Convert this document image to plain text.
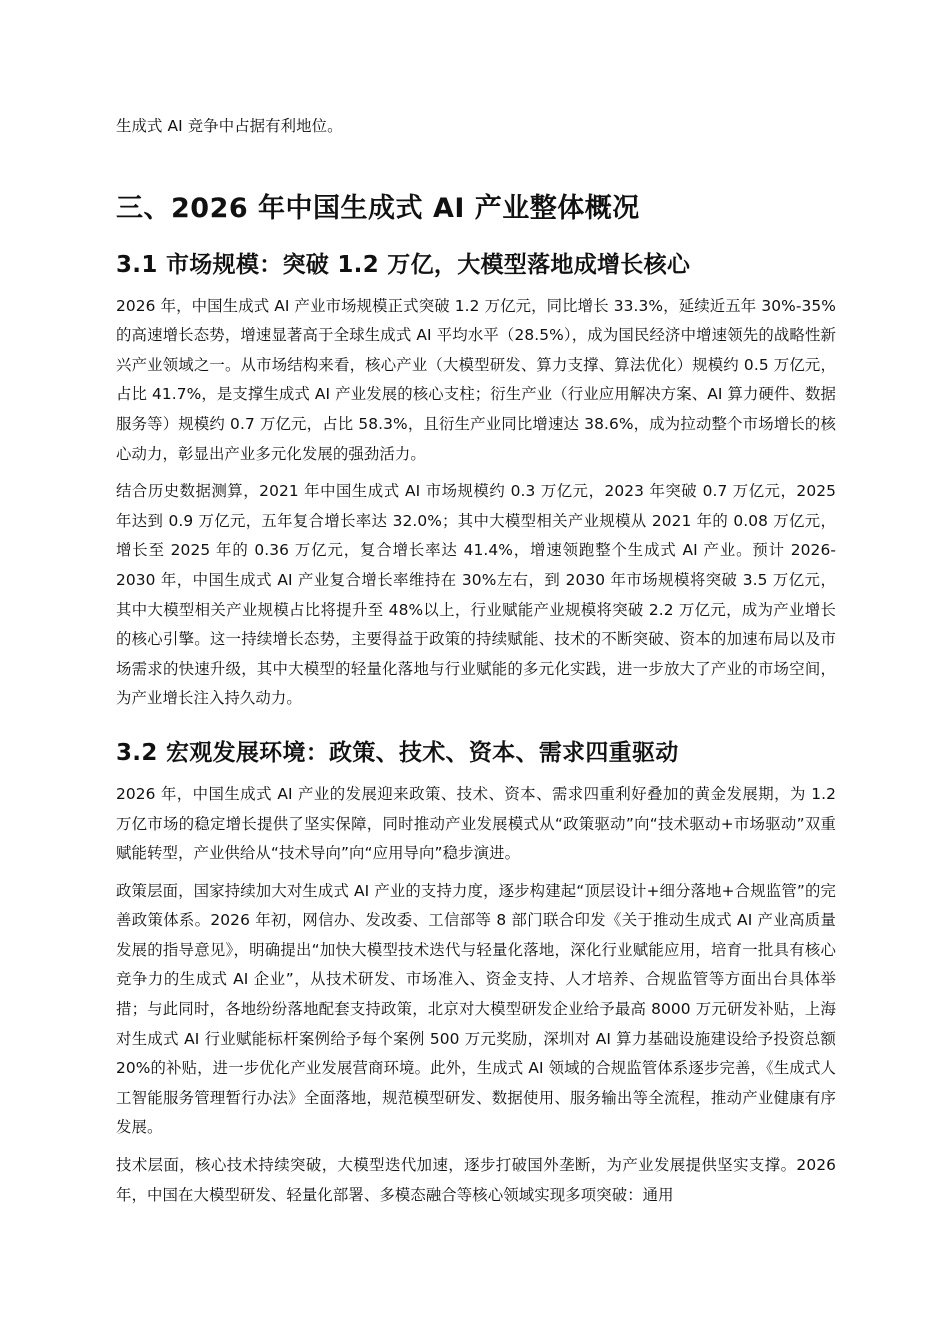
生成式 AI 竞争中占据有利地位。

三、2026 年中国生成式 AI 产业整体概况
3.1 市场规模：突破 1.2 万亿，大模型落地成增长核心

2026 年，中国生成式 AI 产业市场规模正式突破 1.2 万亿元，同比增长 33.3%，延续近五年 30%-35%的高速增长态势，增速显著高于全球生成式 AI 平均水平（28.5%），成为国民经济中增速领先的战略性新兴产业领域之一。从市场结构来看，核心产业（大模型研发、算力支撑、算法优化）规模约 0.5 万亿元，占比 41.7%，是支撑生成式 AI 产业发展的核心支柱；衍生产业（行业应用解决方案、AI 算力硬件、数据服务等）规模约 0.7 万亿元，占比 58.3%，且衍生产业同比增速达 38.6%，成为拉动整个市场增长的核心动力，彰显出产业多元化发展的强劲活力。

结合历史数据测算，2021 年中国生成式 AI 市场规模约 0.3 万亿元，2023 年突破 0.7 万亿元，2025 年达到 0.9 万亿元，五年复合增长率达 32.0%；其中大模型相关产业规模从 2021 年的 0.08 万亿元，增长至 2025 年的 0.36 万亿元，复合增长率达 41.4%，增速领跑整个生成式 AI 产业。预计 2026-2030 年，中国生成式 AI 产业复合增长率维持在 30%左右，到 2030 年市场规模将突破 3.5 万亿元，其中大模型相关产业规模占比将提升至 48%以上，行业赋能产业规模将突破 2.2 万亿元，成为产业增长的核心引擎。这一持续增长态势，主要得益于政策的持续赋能、技术的不断突破、资本的加速布局以及市场需求的快速升级，其中大模型的轻量化落地与行业赋能的多元化实践，进一步放大了产业的市场空间，为产业增长注入持久动力。

3.2 宏观发展环境：政策、技术、资本、需求四重驱动

2026 年，中国生成式 AI 产业的发展迎来政策、技术、资本、需求四重利好叠加的黄金发展期，为 1.2 万亿市场的稳定增长提供了坚实保障，同时推动产业发展模式从“政策驱动”向“技术驱动+市场驱动”双重赋能转型，产业供给从“技术导向”向“应用导向”稳步演进。

政策层面，国家持续加大对生成式 AI 产业的支持力度，逐步构建起“顶层设计+细分落地+合规监管”的完善政策体系。2026 年初，网信办、发改委、工信部等 8 部门联合印发《关于推动生成式 AI 产业高质量发展的指导意见》，明确提出“加快大模型技术迭代与轻量化落地，深化行业赋能应用，培育一批具有核心竞争力的生成式 AI 企业”，从技术研发、市场准入、资金支持、人才培养、合规监管等方面出台具体举措；与此同时，各地纷纷落地配套支持政策，北京对大模型研发企业给予最高 8000 万元研发补贴，上海对生成式 AI 行业赋能标杆案例给予每个案例 500 万元奖励，深圳对 AI 算力基础设施建设给予投资总额 20%的补贴，进一步优化产业发展营商环境。此外，生成式 AI 领域的合规监管体系逐步完善，《生成式人工智能服务管理暂行办法》全面落地，规范模型研发、数据使用、服务输出等全流程，推动产业健康有序发展。

技术层面，核心技术持续突破，大模型迭代加速，逐步打破国外垄断，为产业发展提供坚实支撑。2026 年，中国在大模型研发、轻量化部署、多模态融合等核心领域实现多项突破：通用
